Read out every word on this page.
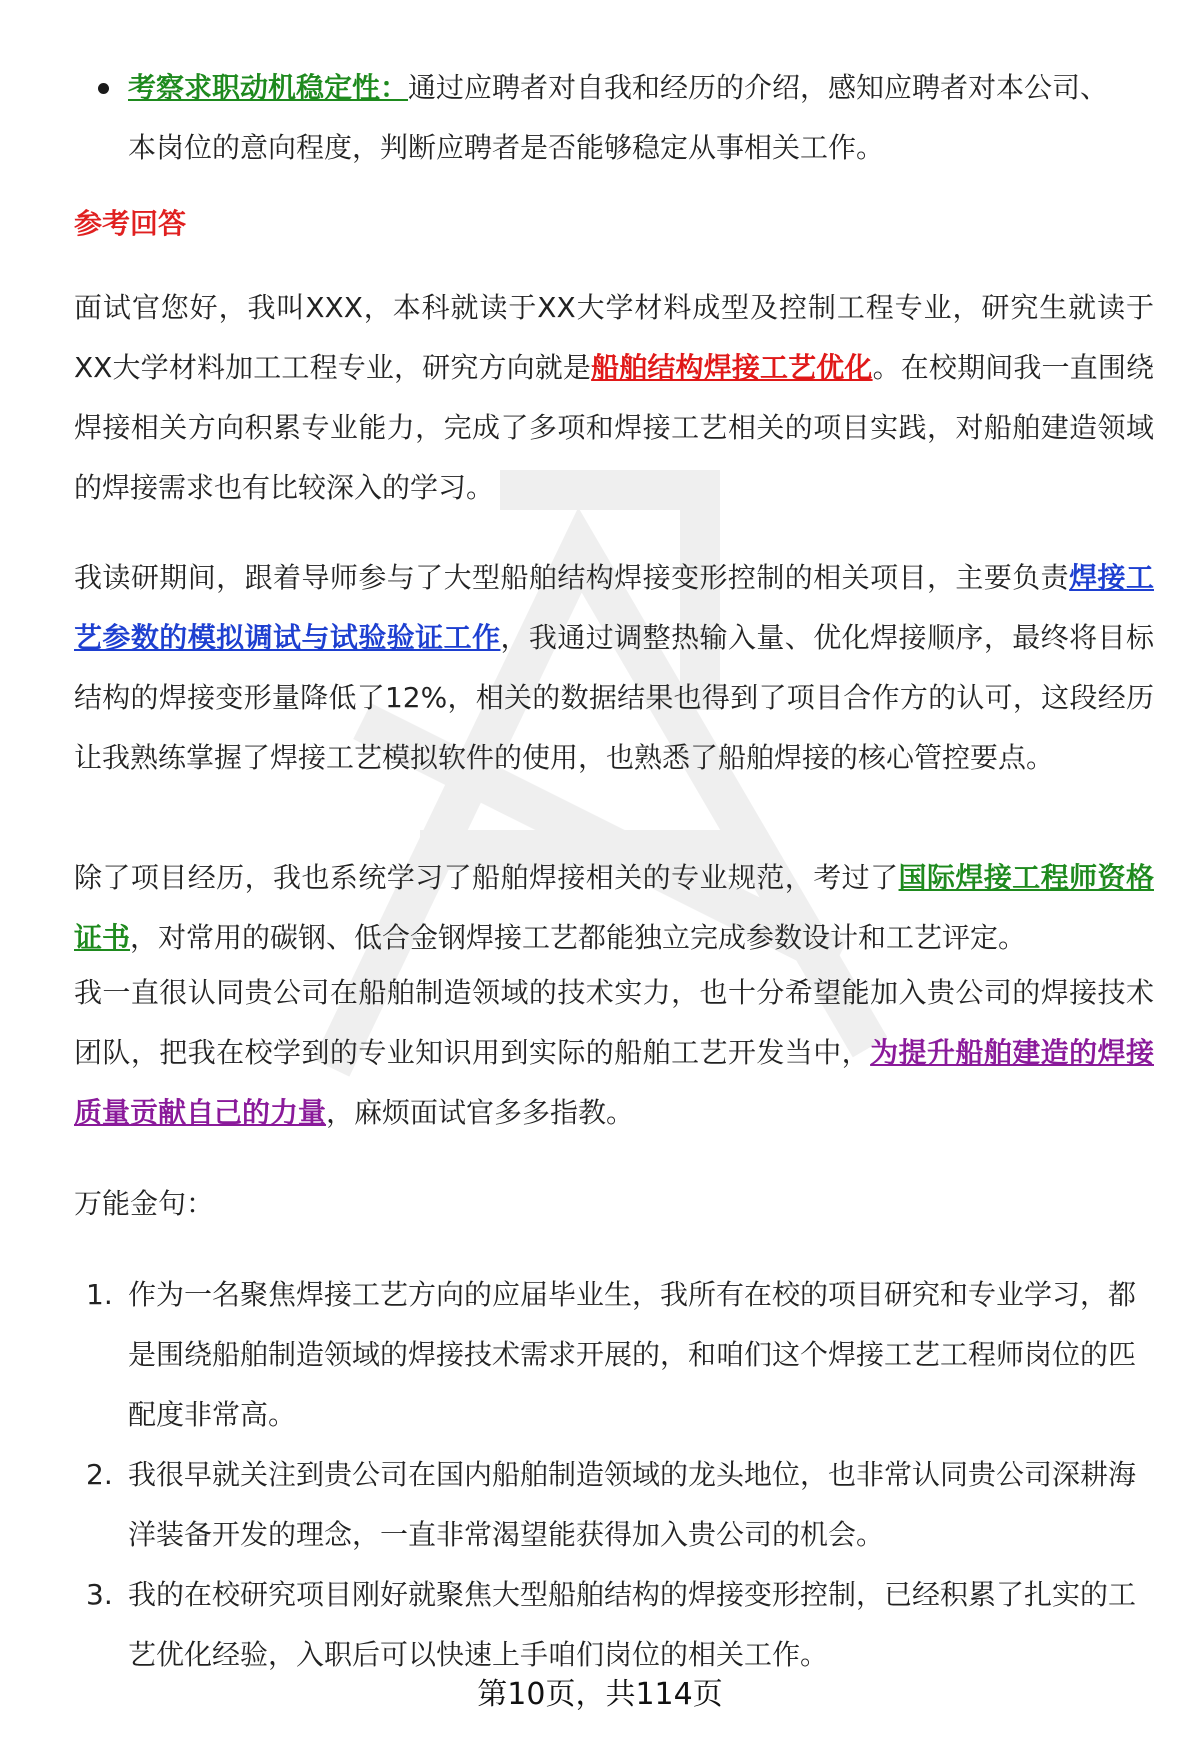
考察求职动机稳定性：通过应聘者对自我和经历的介绍，感知应聘者对本公司、本岗位的意向程度，判断应聘者是否能够稳定从事相关工作。
参考回答
面试官您好，我叫XXX，本科就读于XX大学材料成型及控制工程专业，研究生就读于XX大学材料加工工程专业，研究方向就是船舶结构焊接工艺优化。在校期间我一直围绕焊接相关方向积累专业能力，完成了多项和焊接工艺相关的项目实践，对船舶建造领域的焊接需求也有比较深入的学习。
我读研期间，跟着导师参与了大型船舶结构焊接变形控制的相关项目，主要负责焊接工艺参数的模拟调试与试验验证工作，我通过调整热输入量、优化焊接顺序，最终将目标结构的焊接变形量降低了12%，相关的数据结果也得到了项目合作方的认可，这段经历让我熟练掌握了焊接工艺模拟软件的使用，也熟悉了船舶焊接的核心管控要点。
除了项目经历，我也系统学习了船舶焊接相关的专业规范，考过了国际焊接工程师资格证书，对常用的碳钢、低合金钢焊接工艺都能独立完成参数设计和工艺评定。
我一直很认同贵公司在船舶制造领域的技术实力，也十分希望能加入贵公司的焊接技术团队，把我在校学到的专业知识用到实际的船舶工艺开发当中，为提升船舶建造的焊接质量贡献自己的力量，麻烦面试官多多指教。
万能金句：
1. 作为一名聚焦焊接工艺方向的应届毕业生，我所有在校的项目研究和专业学习，都是围绕船舶制造领域的焊接技术需求开展的，和咱们这个焊接工艺工程师岗位的匹配度非常高。
2. 我很早就关注到贵公司在国内船舶制造领域的龙头地位，也非常认同贵公司深耕海洋装备开发的理念，一直非常渴望能获得加入贵公司的机会。
3. 我的在校研究项目刚好就聚焦大型船舶结构的焊接变形控制，已经积累了扎实的工艺优化经验，入职后可以快速上手咱们岗位的相关工作。
第10页，共114页
